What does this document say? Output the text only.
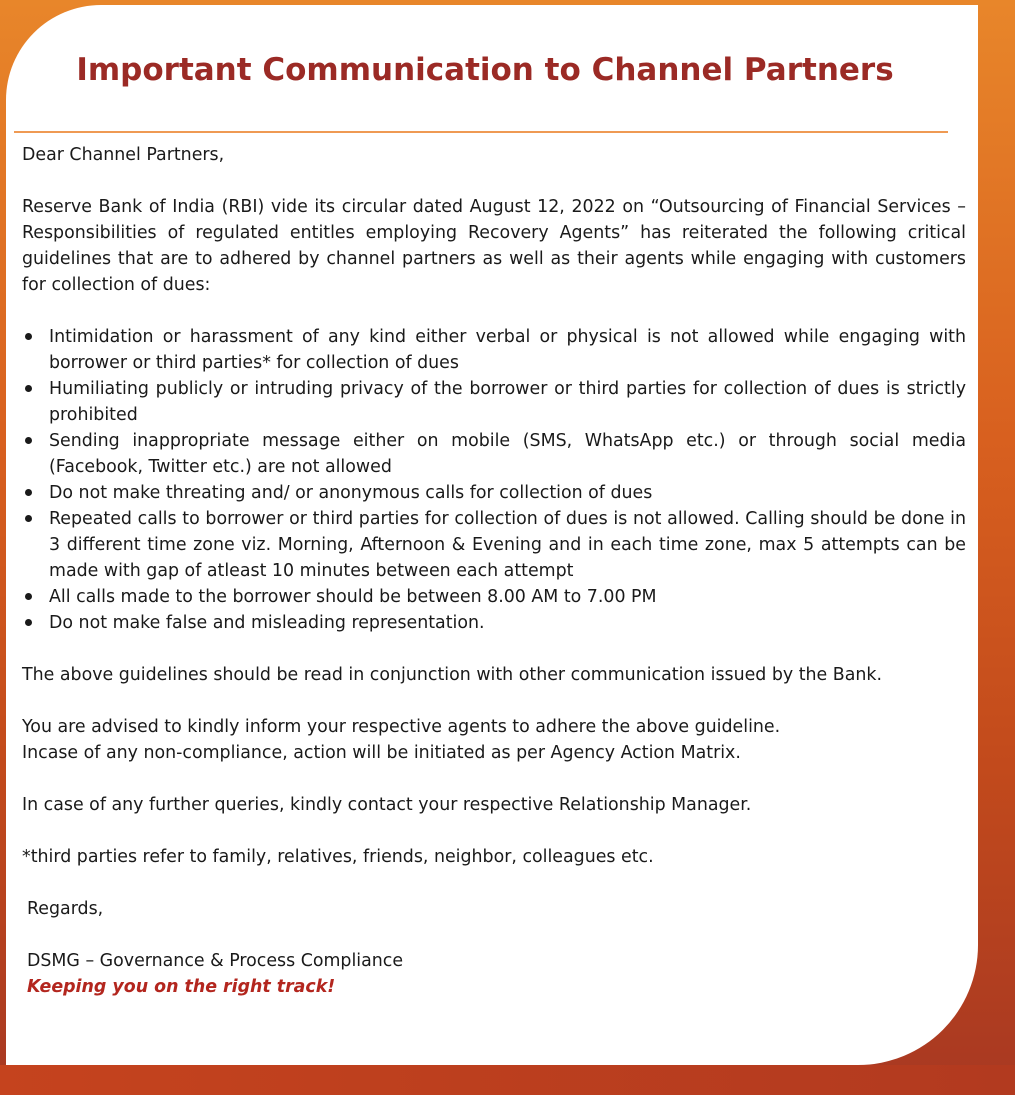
Important Communication to Channel Partners

Dear Channel Partners,

Reserve Bank of India (RBI) vide its circular dated August 12, 2022 on “Outsourcing of Financial Services – Responsibilities of regulated entitles employing Recovery Agents” has reiterated the following critical guidelines that are to adhered by channel partners as well as their agents while engaging with customers for collection of dues:

Intimidation or harassment of any kind either verbal or physical is not allowed while engaging with borrower or third parties* for collection of dues
Humiliating publicly or intruding privacy of the borrower or third parties for collection of dues is strictly prohibited
Sending inappropriate message either on mobile (SMS, WhatsApp etc.) or through social media (Facebook, Twitter etc.) are not allowed
Do not make threating and/ or anonymous calls for collection of dues
Repeated calls to borrower or third parties for collection of dues is not allowed. Calling should be done in 3 different time zone viz. Morning, Afternoon & Evening and in each time zone, max 5 attempts can be made with gap of atleast 10 minutes between each attempt
All calls made to the borrower should be between 8.00 AM to 7.00 PM
Do not make false and misleading representation.

The above guidelines should be read in conjunction with other communication issued by the Bank.

You are advised to kindly inform your respective agents to adhere the above guideline.

Incase of any non-compliance, action will be initiated as per Agency Action Matrix.

In case of any further queries, kindly contact your respective Relationship Manager.

*third parties refer to family, relatives, friends, neighbor, colleagues etc.

Regards,

DSMG – Governance & Process Compliance

Keeping you on the right track!
